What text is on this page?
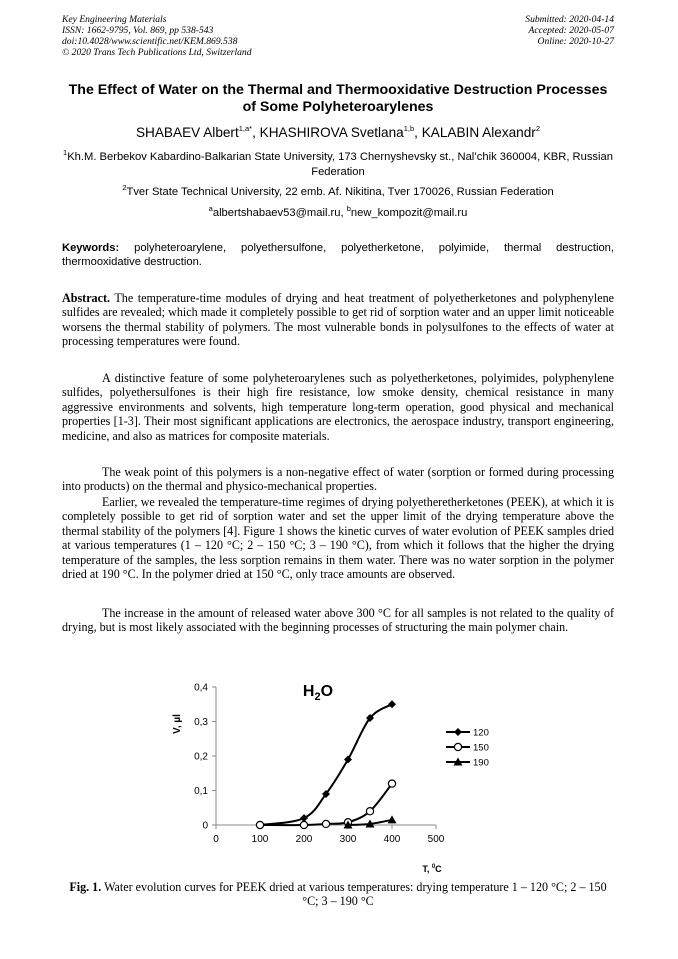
Key Engineering Materials
ISSN: 1662-9795, Vol. 869, pp 538-543
doi:10.4028/www.scientific.net/KEM.869.538
© 2020 Trans Tech Publications Ltd, Switzerland
Submitted: 2020-04-14
Accepted: 2020-05-07
Online: 2020-10-27
The Effect of Water on the Thermal and Thermooxidative Destruction Processes of Some Polyheteroarylenes
SHABAEV Albert$^{1,a*}$, KHASHIROVA Svetlana$^{1,b}$, KALABIN Alexandr$^2$
$^1$Kh.M. Berbekov Kabardino-Balkarian State University, 173 Chernyshevsky st., Nal’chik 360004, KBR, Russian Federation
$^2$Tver State Technical University, 22 emb. Af. Nikitina, Tver 170026, Russian Federation
$^a$albertshabaev53@mail.ru, $^b$new_kompozit@mail.ru
Keywords: polyheteroarylene, polyethersulfone, polyetherketone, polyimide, thermal destruction, thermooxidative destruction.

Abstract. The temperature-time modules of drying and heat treatment of polyetherketones and polyphenylene sulfides are revealed; which made it completely possible to get rid of sorption water and an upper limit noticeable worsens the thermal stability of polymers. The most vulnerable bonds in polysulfones to the effects of water at processing temperatures were found.

A distinctive feature of some polyheteroarylenes such as polyetherketones, polyimides, polyphenylene sulfides, polyethersulfones is their high fire resistance, low smoke density, chemical resistance in many aggressive environments and solvents, high temperature long-term operation, good physical and mechanical properties [1-3]. Their most significant applications are electronics, the aerospace industry, transport engineering, medicine, and also as matrices for composite materials.

The weak point of this polymers is a non-negative effect of water (sorption or formed during processing into products) on the thermal and physico-mechanical properties.

Earlier, we revealed the temperature-time regimes of drying polyetheretherketones (PEEK), at which it is completely possible to get rid of sorption water and set the upper limit of the drying temperature above the thermal stability of the polymers [4]. Figure 1 shows the kinetic curves of water evolution of PEEK samples dried at various temperatures (1 – 120 °C; 2 – 150 °C; 3 – 190 °C), from which it follows that the higher the drying temperature of the samples, the less sorption remains in them water. There was no water sorption in the polymer dried at 190 °C. In the polymer dried at 150 °C, only trace amounts are observed.

The increase in the amount of released water above 300 °C for all samples is not related to the quality of drying, but is most likely associated with the beginning processes of structuring the main polymer chain.

0
0,1
0,2
0,3
0,4
0	100	200	300	400	500
120
150
190
$H_2O$
V, µl
T, $^0$C
Fig. 1. Water evolution curves for PEEK dried at various temperatures: drying temperature 1 – 120 °C; 2 – 150 °C; 3 – 190 °C
